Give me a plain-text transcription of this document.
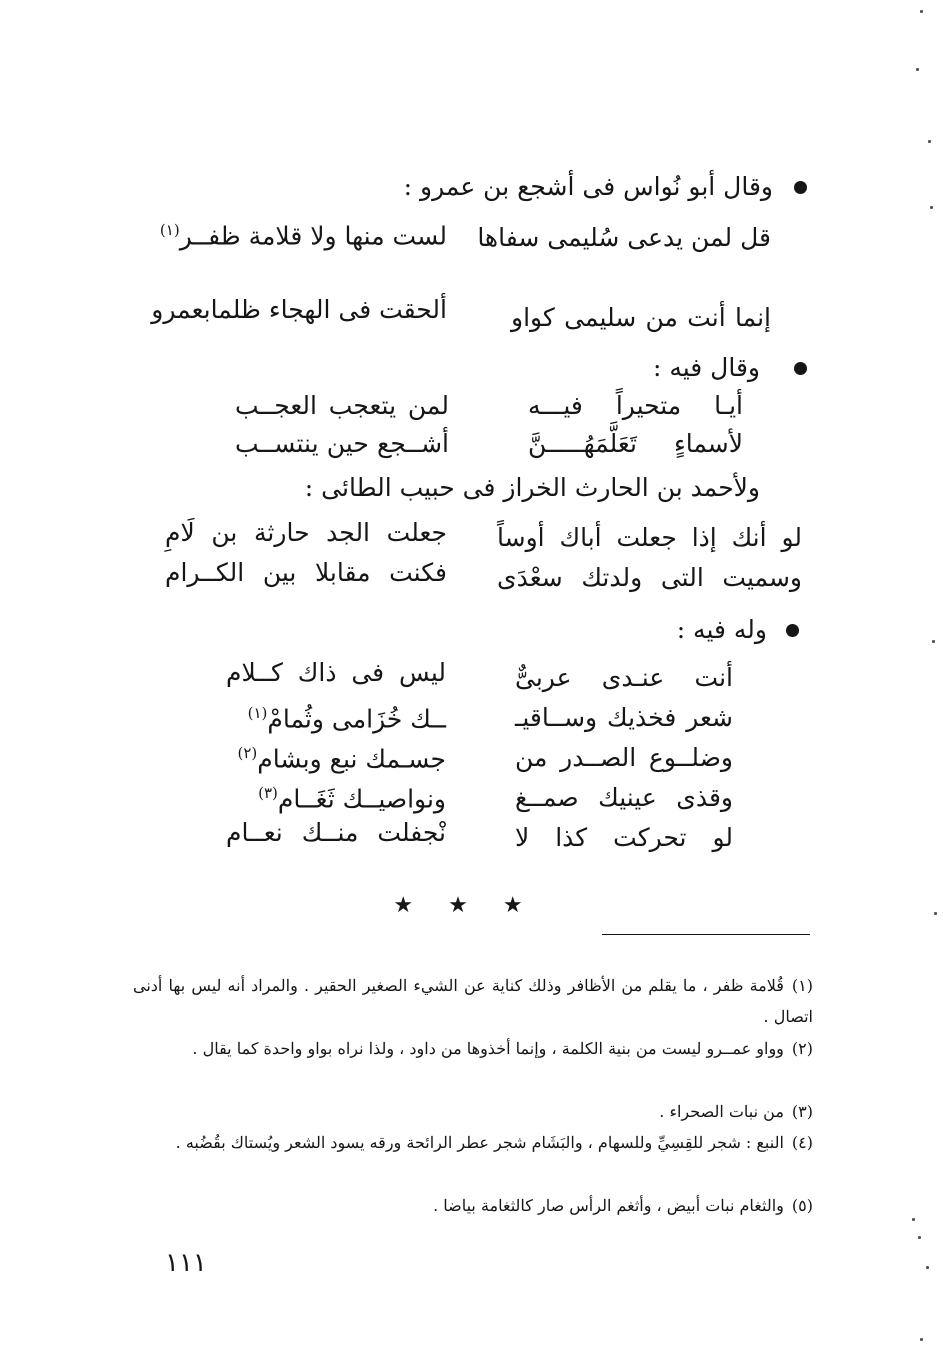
وقال أبو نُواس فى أشجع بن عمرو :
قل لمن يدعى سُليمى سفاها
لست منها ولا قلامة ظفــر$^{(١)}$
إنما أنت من سليمى كواو
ألحقت فى الهجاء ظلمابعمرو
وقال فيه :
أيـا متحيراً فيـــه
لمن يتعجب العجــب
لأسماءٍ تَعَلَّمَهُـــــنَّ
أشــجع حين ينتســب
ولأحمد بن الحارث الخراز فى حبيب الطائى :
لو أنك إذا جعلت أباك أوساً
جعلت الجد حارثة بن لَامِ
وسميت التى ولدتك سعْدَى
فكنت مقابلا بين الكــرام
وله فيه :
أنت عنـدى عربىٌّ
ليس فى ذاك كــلام
شعر فخذيك وســاقيـ
ــك خُزَامى وثُمامْ$^{(١)}$
وضلــوع الصــدر من
جسـمك نبع وبشام$^{(٢)}$
وقذى عينيك صمــغ
ونواصيــك ثَغَــام$^{(٣)}$
لو تحركت كذا لا
نْجفلت منــك نعــام
★ ★ ★
(١)قُلامة ظفر ، ما يقلم من الأظافر وذلك كناية عن الشيء الصغير الحقير . والمراد أنه ليس بها أدنى اتصال .
(٢)وواو عمــرو ليست من بنية الكلمة ، وإنما أخذوها من داود ، ولذا نراه بواو واحدة كما يقال .
(٣)من نبات الصحراء .
(٤)النبع : شجر للقِسِيِّ وللسهام ، والبَشَام شجر عطر الرائحة ورقه يسود الشعر ويُستاك بقُضُبه .
(٥)والثغام نبات أبيض ، وأثغم الرأس صار كالثغامة بياضا .
١١١
